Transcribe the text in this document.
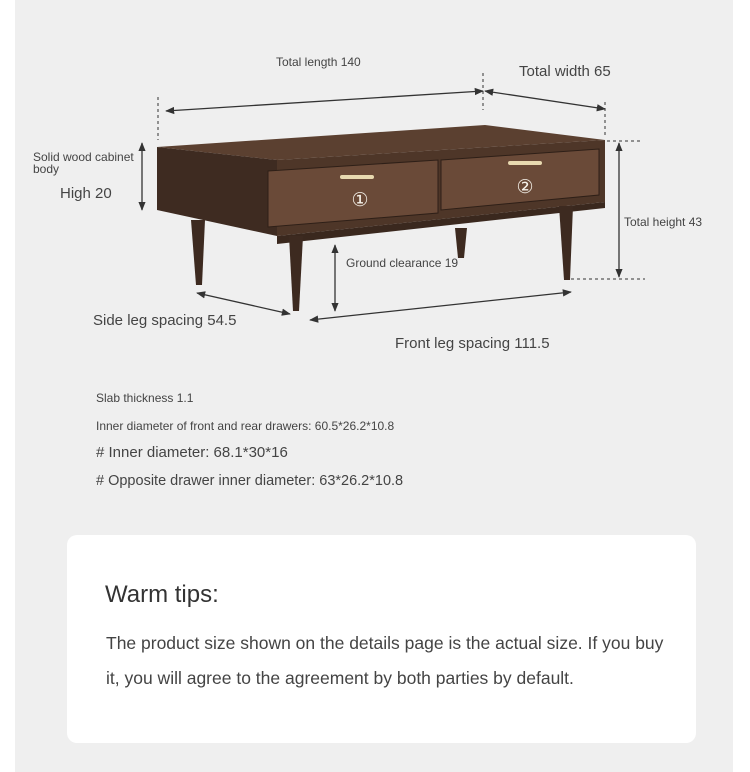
①
②
Total length 140
Total width 65
Solid wood cabinet body
High 20
Total height 43
Ground clearance 19
Side leg spacing 54.5
Front leg spacing 111.5
Slab thickness 1.1
Inner diameter of front and rear drawers: 60.5*26.2*10.8
# Inner diameter: 68.1*30*16
# Opposite drawer inner diameter: 63*26.2*10.8
Warm tips:
The product size shown on the details page is the actual size. If you buy it, you will agree to the agreement by both parties by default.
